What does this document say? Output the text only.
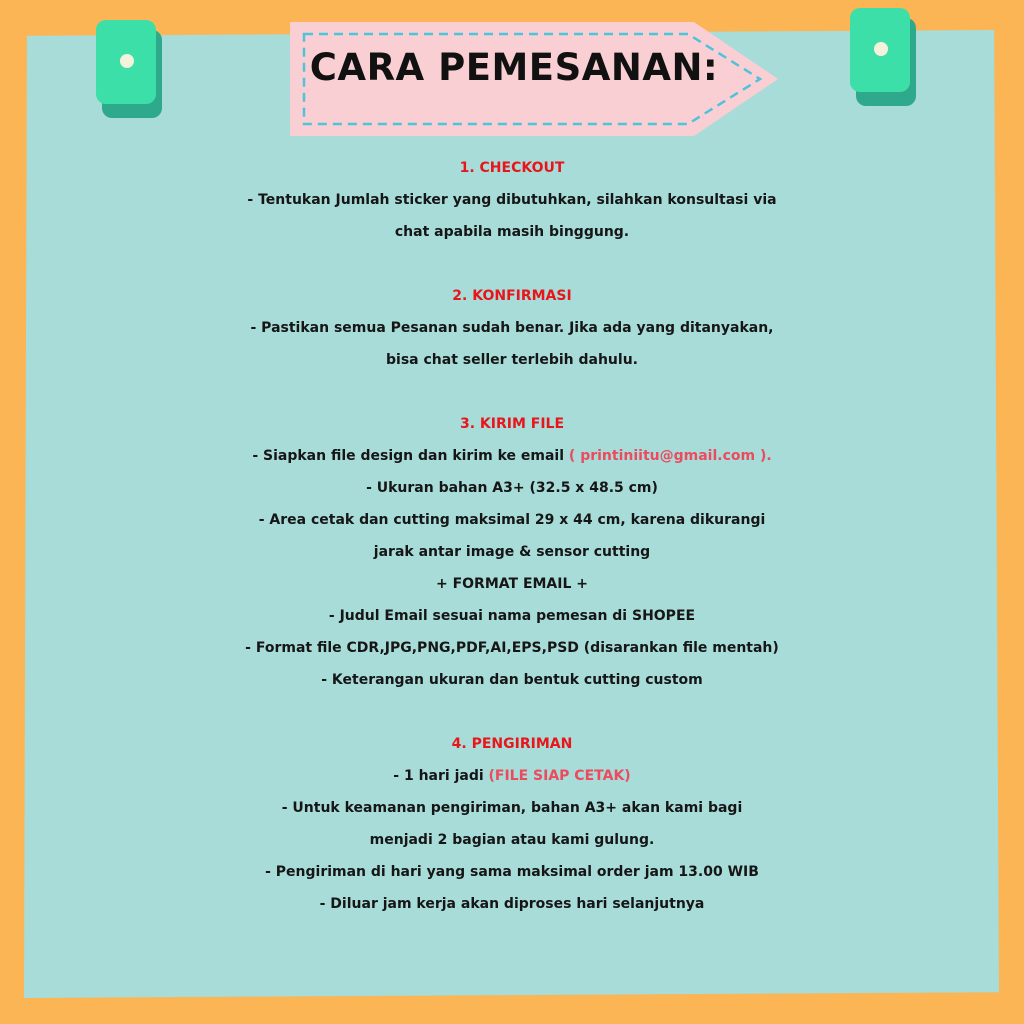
CARA PEMESANAN:
1. CHECKOUT
- Tentukan Jumlah sticker yang dibutuhkan, silahkan konsultasi via
chat apabila masih binggung.
2. KONFIRMASI
- Pastikan semua Pesanan sudah benar. Jika ada yang ditanyakan,
bisa chat seller terlebih dahulu.
3. KIRIM FILE
- Siapkan file design dan kirim ke email ( printiniitu@gmail.com ).
- Ukuran bahan A3+ (32.5 x 48.5 cm)
- Area cetak dan cutting maksimal 29 x 44 cm, karena dikurangi
jarak antar image & sensor cutting
+ FORMAT EMAIL +
- Judul Email sesuai nama pemesan di SHOPEE
- Format file CDR,JPG,PNG,PDF,AI,EPS,PSD (disarankan file mentah)
- Keterangan ukuran dan bentuk cutting custom
4. PENGIRIMAN
- 1 hari jadi (FILE SIAP CETAK)
- Untuk keamanan pengiriman, bahan A3+ akan kami bagi
menjadi 2 bagian atau kami gulung.
- Pengiriman di hari yang sama maksimal order jam 13.00 WIB
- Diluar jam kerja akan diproses hari selanjutnya
